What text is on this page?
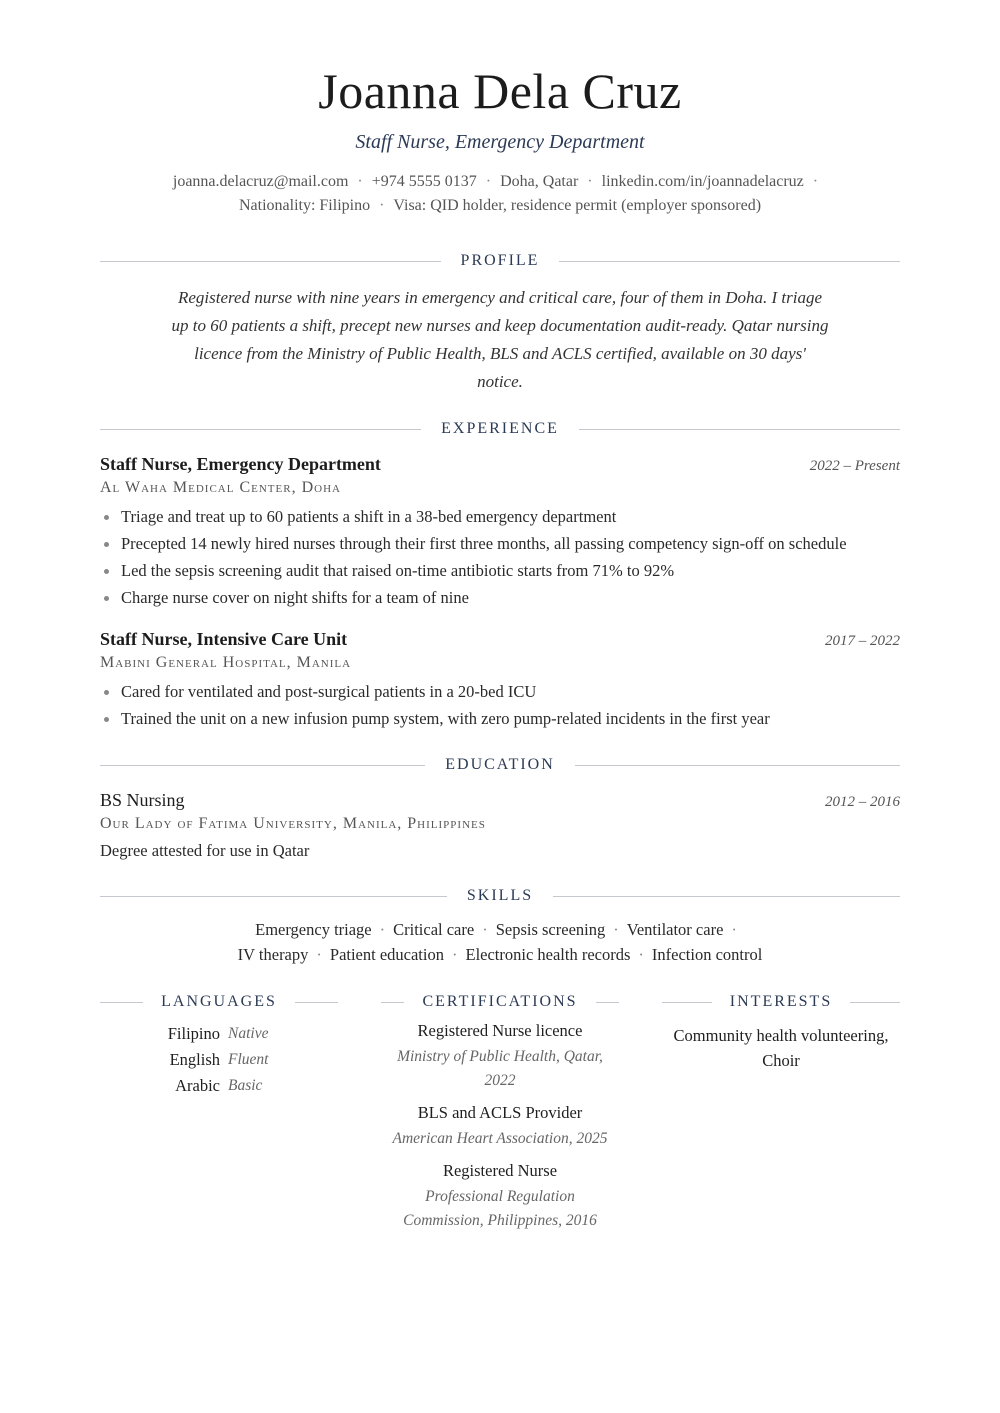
Joanna Dela Cruz
Staff Nurse, Emergency Department
joanna.delacruz@mail.com · +974 5555 0137 · Doha, Qatar · linkedin.com/in/joannadelacruz ·
Nationality: Filipino · Visa: QID holder, residence permit (employer sponsored)
PROFILE
Registered nurse with nine years in emergency and critical care, four of them in Doha. I triage up to 60 patients a shift, precept new nurses and keep documentation audit-ready. Qatar nursing licence from the Ministry of Public Health, BLS and ACLS certified, available on 30 days' notice.
EXPERIENCE
Staff Nurse, Emergency Department	2022 – Present
Al Waha Medical Center, Doha
Triage and treat up to 60 patients a shift in a 38-bed emergency department
Precepted 14 newly hired nurses through their first three months, all passing competency sign-off on schedule
Led the sepsis screening audit that raised on-time antibiotic starts from 71% to 92%
Charge nurse cover on night shifts for a team of nine
Staff Nurse, Intensive Care Unit	2017 – 2022
Mabini General Hospital, Manila
Cared for ventilated and post-surgical patients in a 20-bed ICU
Trained the unit on a new infusion pump system, with zero pump-related incidents in the first year
EDUCATION
BS Nursing	2012 – 2016
Our Lady of Fatima University, Manila, Philippines
Degree attested for use in Qatar
SKILLS
Emergency triage · Critical care · Sepsis screening · Ventilator care ·
IV therapy · Patient education · Electronic health records · Infection control
LANGUAGES
Filipino Native
English Fluent
Arabic Basic
CERTIFICATIONS
Registered Nurse licence
Ministry of Public Health, Qatar, 2022
BLS and ACLS Provider
American Heart Association, 2025
Registered Nurse
Professional Regulation Commission, Philippines, 2016
INTERESTS
Community health volunteering, Choir
